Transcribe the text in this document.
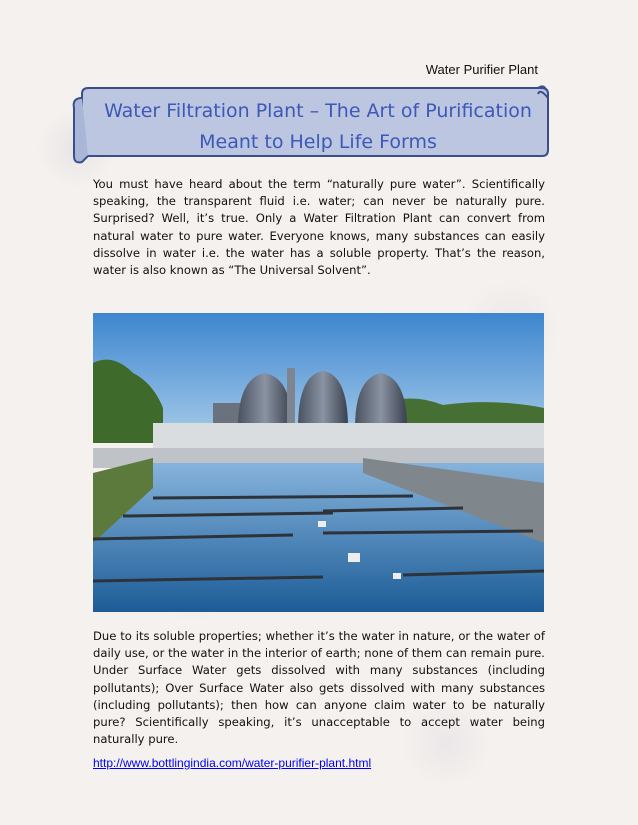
Water Purifier Plant
Water Filtration Plant – The Art of Purification
Meant to Help Life Forms
You must have heard about the term “naturally pure water”. Scientifically speaking, the transparent fluid i.e. water; can never be naturally pure. Surprised? Well, it’s true. Only a Water Filtration Plant can convert from natural water to pure water. Everyone knows, many substances can easily dissolve in water i.e. the water has a soluble property. That’s the reason, water is also known as “The Universal Solvent”.
Due to its soluble properties; whether it’s the water in nature, or the water of daily use, or the water in the interior of earth; none of them can remain pure. Under Surface Water gets dissolved with many substances (including pollutants); Over Surface Water also gets dissolved with many substances (including pollutants); then how can anyone claim water to be naturally pure? Scientifically speaking, it’s unacceptable to accept water being naturally pure.
http://www.bottlingindia.com/water-purifier-plant.html
